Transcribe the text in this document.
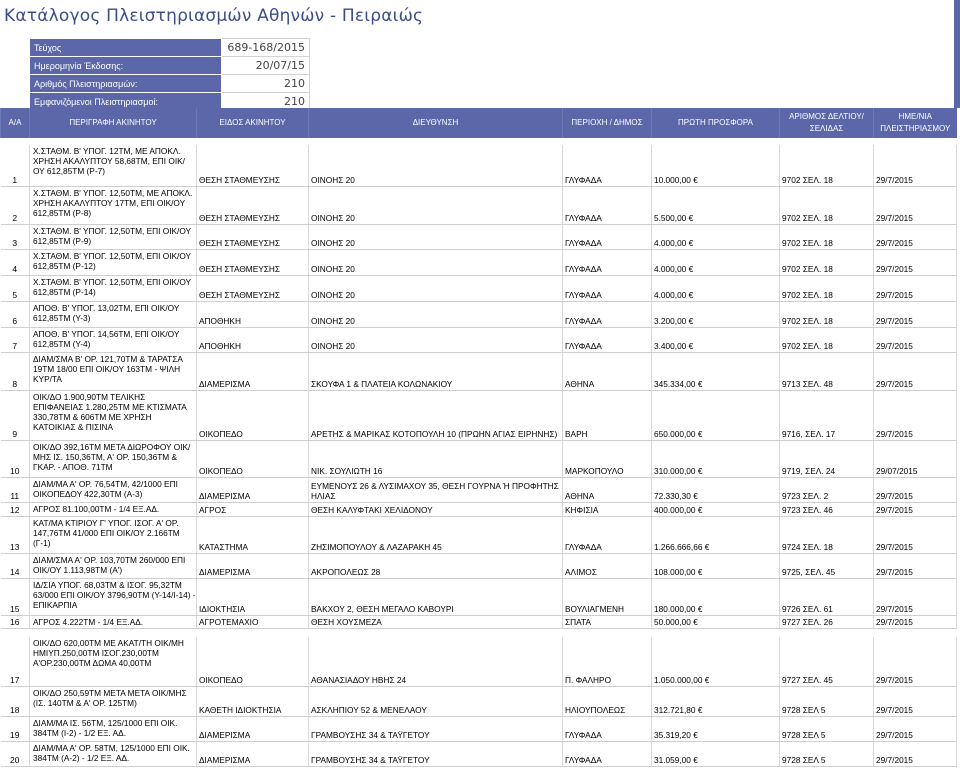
Κατάλογος Πλειστηριασμών Αθηνών - Πειραιώς
Τεύχος	689-168/2015
Ημερομηνία Έκδοσης:	20/07/15
Αριθμός Πλειστηριασμών:	210
Εμφανιζόμενοι Πλειστηριασμοί:	210
Α/Α	ΠΕΡΙΓΡΑΦΗ ΑΚΙΝΗΤΟΥ	ΕΙΔΟΣ ΑΚΙΝΗΤΟΥ	ΔΙΕΥΘΥΝΣΗ	ΠΕΡΙΟΧΗ / ΔΗΜΟΣ	ΠΡΩΤΗ ΠΡΟΣΦΟΡΑ	ΑΡΙΘΜΟΣ ΔΕΛΤΙΟΥ/ΣΕΛΙΔΑΣ	ΗΜΕ/ΝΙΑ ΠΛΕΙΣΤΗΡΙΑΣΜΟΥ

1	Χ.ΣΤΑΘΜ. Β' ΥΠΟΓ. 12ΤΜ, ΜΕ ΑΠΟΚΛ. ΧΡΗΣΗ ΑΚΑΛΥΠΤΟΥ 58,68ΤΜ, ΕΠΙ ΟΙΚ/ΟΥ 612,85ΤΜ (Ρ-7)	ΘΕΣΗ ΣΤΑΘΜΕΥΣΗΣ	ΟΙΝΟΗΣ 20	ΓΛΥΦΑΔΑ	10.000,00 €	9702 ΣΕΛ. 18	29/7/2015
2	Χ.ΣΤΑΘΜ. Β' ΥΠΟΓ. 12,50ΤΜ, ΜΕ ΑΠΟΚΛ. ΧΡΗΣΗ ΑΚΑΛΥΠΤΟΥ 17ΤΜ, ΕΠΙ ΟΙΚ/ΟΥ 612,85ΤΜ (Ρ-8)	ΘΕΣΗ ΣΤΑΘΜΕΥΣΗΣ	ΟΙΝΟΗΣ 20	ΓΛΥΦΑΔΑ	5.500,00 €	9702 ΣΕΛ. 18	29/7/2015
3	Χ.ΣΤΑΘΜ. Β' ΥΠΟΓ. 12,50ΤΜ, ΕΠΙ ΟΙΚ/ΟΥ 612,85ΤΜ (Ρ-9)	ΘΕΣΗ ΣΤΑΘΜΕΥΣΗΣ	ΟΙΝΟΗΣ 20	ΓΛΥΦΑΔΑ	4.000,00 €	9702 ΣΕΛ. 18	29/7/2015
4	Χ.ΣΤΑΘΜ. Β' ΥΠΟΓ. 12,50ΤΜ, ΕΠΙ ΟΙΚ/ΟΥ 612,85ΤΜ (Ρ-12)	ΘΕΣΗ ΣΤΑΘΜΕΥΣΗΣ	ΟΙΝΟΗΣ 20	ΓΛΥΦΑΔΑ	4.000,00 €	9702 ΣΕΛ. 18	29/7/2015
5	Χ.ΣΤΑΘΜ. Β' ΥΠΟΓ. 12,50ΤΜ, ΕΠΙ ΟΙΚ/ΟΥ 612,85ΤΜ (Ρ-14)	ΘΕΣΗ ΣΤΑΘΜΕΥΣΗΣ	ΟΙΝΟΗΣ 20	ΓΛΥΦΑΔΑ	4.000,00 €	9702 ΣΕΛ. 18	29/7/2015
6	ΑΠΟΘ. Β' ΥΠΟΓ. 13,02ΤΜ, ΕΠΙ ΟΙΚ/ΟΥ 612,85ΤΜ (Υ-3)	ΑΠΟΘΗΚΗ	ΟΙΝΟΗΣ 20	ΓΛΥΦΑΔΑ	3.200,00 €	9702 ΣΕΛ. 18	29/7/2015
7	ΑΠΟΘ. Β' ΥΠΟΓ. 14,56ΤΜ, ΕΠΙ ΟΙΚ/ΟΥ 612,85ΤΜ (Υ-4)	ΑΠΟΘΗΚΗ	ΟΙΝΟΗΣ 20	ΓΛΥΦΑΔΑ	3.400,00 €	9702 ΣΕΛ. 18	29/7/2015
8	ΔΙΑΜ/ΣΜΑ Β' ΟΡ. 121,70ΤΜ & ΤΑΡΑΤΣΑ 19ΤΜ 18/00 ΕΠΙ ΟΙΚ/ΟΥ 163ΤΜ - ΨΙΛΗ ΚΥΡ/ΤΑ	ΔΙΑΜΕΡΙΣΜΑ	ΣΚΟΥΦΑ 1 & ΠΛΑΤΕΙΑ ΚΟΛΩΝΑΚΙΟΥ	ΑΘΗΝΑ	345.334,00 €	9713 ΣΕΛ. 48	29/7/2015
9	ΟΙΚ/ΔΟ 1.900,90ΤΜ ΤΕΛΙΚΗΣ ΕΠΙΦΑΝΕΙΑΣ 1.280,25ΤΜ ΜΕ ΚΤΙΣΜΑΤΑ 330,78ΤΜ & 606ΤΜ ΜΕ ΧΡΗΣΗ ΚΑΤΟΙΚΙΑΣ & ΠΙΣΙΝΑ	ΟΙΚΟΠΕΔΟ	ΑΡΕΤΗΣ & ΜΑΡΙΚΑΣ ΚΟΤΟΠΟΥΛΗ 10 (ΠΡΩΗΝ ΑΓΙΑΣ ΕΙΡΗΝΗΣ)	ΒΑΡΗ	650.000,00 €	9716, ΣΕΛ. 17	29/7/2015
10	ΟΙΚ/ΔΟ 392,16ΤΜ ΜΕΤΑ ΔΙΩΡΟΦΟΥ ΟΙΚ/ΜΗΣ ΙΣ. 150,36ΤΜ, Α' ΟΡ. 150,36ΤΜ & ΓΚΑΡ. - ΑΠΟΘ. 71ΤΜ	ΟΙΚΟΠΕΔΟ	ΝΙΚ. ΣΟΥΛΙΩΤΗ 16	ΜΑΡΚΟΠΟΥΛΟ	310.000,00 €	9719, ΣΕΛ. 24	29/07/2015
11	ΔΙΑΜ/ΜΑ Α' ΟΡ. 76,54ΤΜ, 42/1000 ΕΠΙ ΟΙΚΟΠΕΔΟΥ 422,30ΤΜ (Α-3)	ΔΙΑΜΕΡΙΣΜΑ	ΕΥΜΕΝΟΥΣ 26 & ΛΥΣΙΜΑΧΟΥ 35, ΘΕΣΗ ΓΟΥΡΝΑ Ή ΠΡΟΦΗΤΗΣ ΗΛΙΑΣ	ΑΘΗΝΑ	72.330,30 €	9723 ΣΕΛ. 2	29/7/2015
12	ΑΓΡΟΣ 81.100,00ΤΜ - 1/4 ΕΞ.ΑΔ.	ΑΓΡΟΣ	ΘΕΣΗ ΚΑΛΥΦΤΑΚΙ ΧΕΛΙΔΟΝΟΥ	ΚΗΦΙΣΙΑ	400.000,00 €	9723 ΣΕΛ. 46	29/7/2015
13	ΚΑΤ/ΜΑ ΚΤΙΡΙΟΥ Γ' ΥΠΟΓ. ΙΣΟΓ. Α' ΟΡ. 147,76ΤΜ 41/000 ΕΠΙ ΟΙΚ/ΟΥ 2.166ΤΜ (Γ-1)	ΚΑΤΑΣΤΗΜΑ	ΖΗΣΙΜΟΠΟΥΛΟΥ & ΛΑΖΑΡΑΚΗ 45	ΓΛΥΦΑΔΑ	1.266.666,66 €	9724 ΣΕΛ. 18	29/7/2015
14	ΔΙΑΜ/ΣΜΑ Α' ΟΡ. 103,70ΤΜ 260/000 ΕΠΙ ΟΙΚ/ΟΥ 1.113,98ΤΜ (Α')	ΔΙΑΜΕΡΙΣΜΑ	ΑΚΡΟΠΟΛΕΩΣ 28	ΑΛΙΜΟΣ	108.000,00 €	9725, ΣΕΛ. 45	29/7/2015
15	ΙΔ/ΣΙΑ ΥΠΟΓ. 68,03ΤΜ & ΙΣΟΓ. 95,32ΤΜ 63/000 ΕΠΙ ΟΙΚ/ΟΥ 3796,90ΤΜ (Υ-14/Ι-14) - ΕΠΙΚΑΡΠΙΑ	ΙΔΙΟΚΤΗΣΙΑ	ΒΑΚΧΟΥ 2, ΘΕΣΗ ΜΕΓΑΛΟ ΚΑΒΟΥΡΙ	ΒΟΥΛΙΑΓΜΕΝΗ	180.000,00 €	9726 ΣΕΛ. 61	29/7/2015
16	ΑΓΡΟΣ 4.222ΤΜ - 1/4 ΕΞ.ΑΔ.	ΑΓΡΟΤΕΜΑΧΙΟ	ΘΕΣΗ ΧΟΥΣΜΕΖΑ	ΣΠΑΤΑ	50.000,00 €	9727 ΣΕΛ. 26	29/7/2015

17	ΟΙΚ/ΔΟ 620,00ΤΜ ΜΕ ΑΚΑΤ/ΤΗ ΟΙΚ/ΜΗ ΗΜΙΥΠ.250,00ΤΜ ΙΣΟΓ.230,00ΤΜ Α'ΟΡ.230,00ΤΜ ΔΩΜΑ 40,00ΤΜ	ΟΙΚΟΠΕΔΟ	ΑΘΑΝΑΣΙΑΔΟΥ ΗΒΗΣ 24	Π. ΦΑΛΗΡΟ	1.050.000,00 €	9727 ΣΕΛ. 45	29/7/2015
18	ΟΙΚ/ΔΟ 250,59ΤΜ ΜΕΤΑ ΜΕΤΑ ΟΙΚ/ΜΗΣ (ΙΣ. 140ΤΜ & Α' ΟΡ. 125ΤΜ)	ΚΑΘΕΤΗ ΙΔΙΟΚΤΗΣΙΑ	ΑΣΚΛΗΠΙΟΥ 52 & ΜΕΝΕΛΑΟΥ	ΗΛΙΟΥΠΟΛΕΩΣ	312.721,80 €	9728 ΣΕΛ 5	29/7/2015
19	ΔΙΑΜ/ΜΑ ΙΣ. 56ΤΜ, 125/1000 ΕΠΙ ΟΙΚ. 384ΤΜ (Ι-2) - 1/2 ΕΞ. ΑΔ.	ΔΙΑΜΕΡΙΣΜΑ	ΓΡΑΜΒΟΥΣΗΣ 34 & ΤΑΫΓΕΤΟΥ	ΓΛΥΦΑΔΑ	35.319,20 €	9728 ΣΕΛ 5	29/7/2015
20	ΔΙΑΜ/ΜΑ Α' ΟΡ. 58ΤΜ, 125/1000 ΕΠΙ ΟΙΚ. 384ΤΜ (Α-2) - 1/2 ΕΞ. ΑΔ.	ΔΙΑΜΕΡΙΣΜΑ	ΓΡΑΜΒΟΥΣΗΣ 34 & ΤΑΫΓΕΤΟΥ	ΓΛΥΦΑΔΑ	31.059,00 €	9728 ΣΕΛ 5	29/7/2015
